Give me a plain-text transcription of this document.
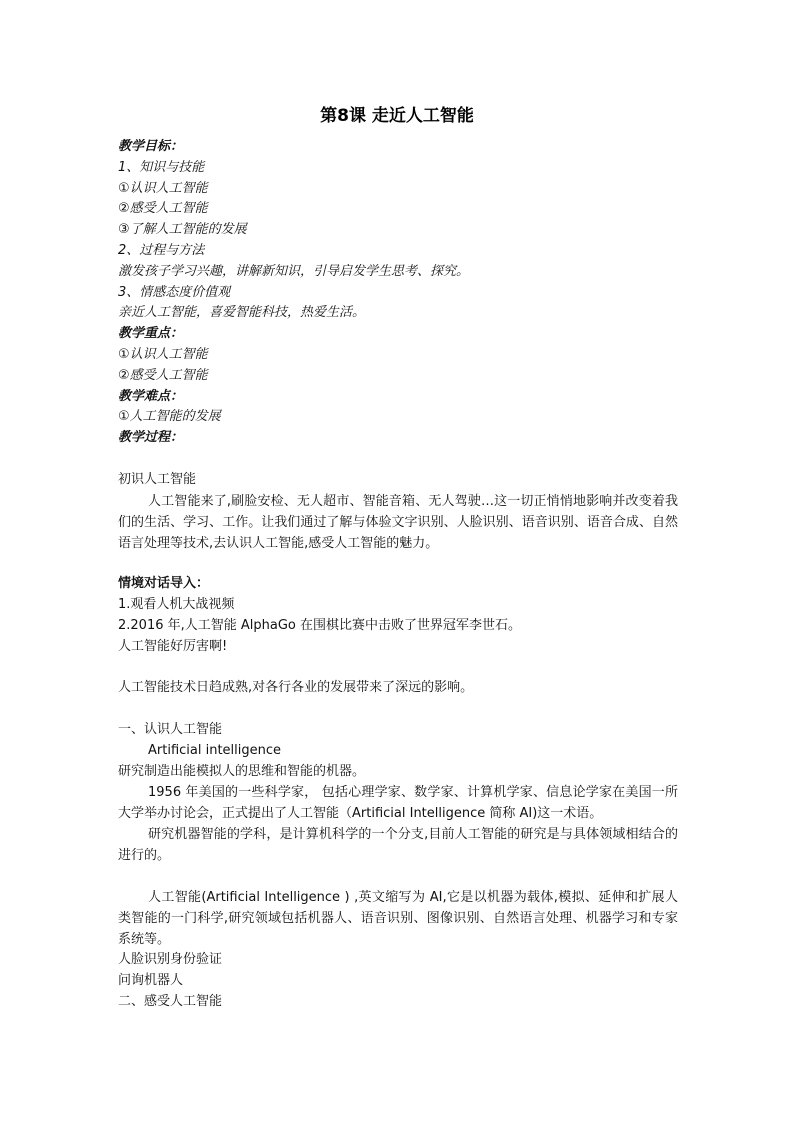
第8课 走近人工智能
教学目标：
1、知识与技能
①认识人工智能
②感受人工智能
③了解人工智能的发展
2、过程与方法
激发孩子学习兴趣，讲解新知识，引导启发学生思考、探究。
3、情感态度价值观
亲近人工智能，喜爱智能科技，热爱生活。
教学重点：
①认识人工智能
②感受人工智能
教学难点：
①人工智能的发展
教学过程：
初识人工智能
人工智能来了,刷脸安检、无人超市、智能音箱、无人驾驶…这一切正悄悄地影响并改变着我们的生活、学习、工作。让我们通过了解与体验文字识别、人脸识别、语音识别、语音合成、自然语言处理等技术,去认识人工智能,感受人工智能的魅力。
情境对话导入：
1.观看人机大战视频
2.2016 年,人工智能 AlphaGo 在围棋比赛中击败了世界冠军李世石。
人工智能好厉害啊!
人工智能技术日趋成熟,对各行各业的发展带来了深远的影响。
一、认识人工智能
Artificial intelligence
研究制造出能模拟人的思维和智能的机器。
1956 年美国的一些科学家， 包括心理学家、数学家、计算机学家、信息论学家在美国一所大学举办讨论会，正式提出了人工智能（Artificial Intelligence 简称 AI)这一术语。
研究机器智能的学科，是计算机科学的一个分支,目前人工智能的研究是与具体领域相结合的进行的。
人工智能(Artificial Intelligence ) ,英文缩写为 AI,它是以机器为载体,模拟、延伸和扩展人类智能的一门科学,研究领域包括机器人、语音识别、图像识别、自然语言处理、机器学习和专家系统等。
人脸识别身份验证
问询机器人
二、感受人工智能
